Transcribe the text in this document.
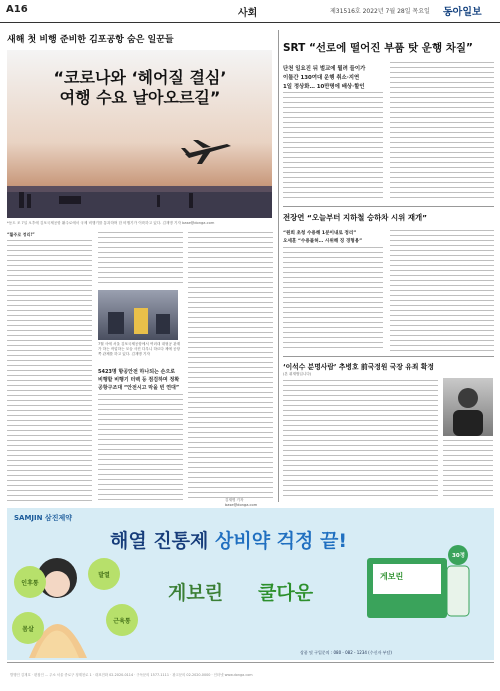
A16	사회	제31516호 2022년 7월 28일 목요일 동아일보
새해 첫 비행 준비한 김포공항 숨은 일꾼들
“코로나와 ‘헤어질 결심’
여행 수요 날아오르길”
*동도 조 7일 오후에 김포국제공항 활주로에서 국제 비행기를 통과하며 한 비행기가 이륙하고 있다. 김재명 기자 base@donga.com
“활주로 정리!”
7월 사에 서울 김포국제공항에서 여러대 대형공 관계가 하는 작업하는 모습 사진 다우니 하르다 제에 공항쪽 관제를 하고 있다. 김재명 기자
5423명 항공안전 하나되는 손으로
비행할 비행기 터렉 등 점검하며 정확
공항구조대 “안전시고 막을 빈 연대”
김재명 기자 base@donga.com
SRT “선로에 떨어진 부품 탓 운행 차질”
단천 일요진 뒤 벌교에 뭘려 들이가
이틀간 130여대 운행 취소·지연
1일 정상화… 10만명에 배상·할인
전장연 “오늘부터 지하철 승하차 시위 재개”
“원희 초청 수용해 1분이내로 정리”
오세훈 “수용불허… 시위해 징 경형용”
‘이석수 분명사람’ 추병호 前국정원 국장 유죄 확정
(본 취재범입니다)
SAMJIN 삼진제약
해열 진통제 상비약 걱정 끝!
발열
인후통
근육통
몸살
게보린 쿨다운
30정
게보린
상품 및 구입문의 : 080 - 082 - 1234 (수신자 부담)
발행인 김재호 · 편집인 ... 주소 서울 종로구 청계천로 1 · 대표전화 02-2020-0114 · 구독문의 1577-1111 · 광고문의 02-2020-0000 · 인터넷 www.donga.com
